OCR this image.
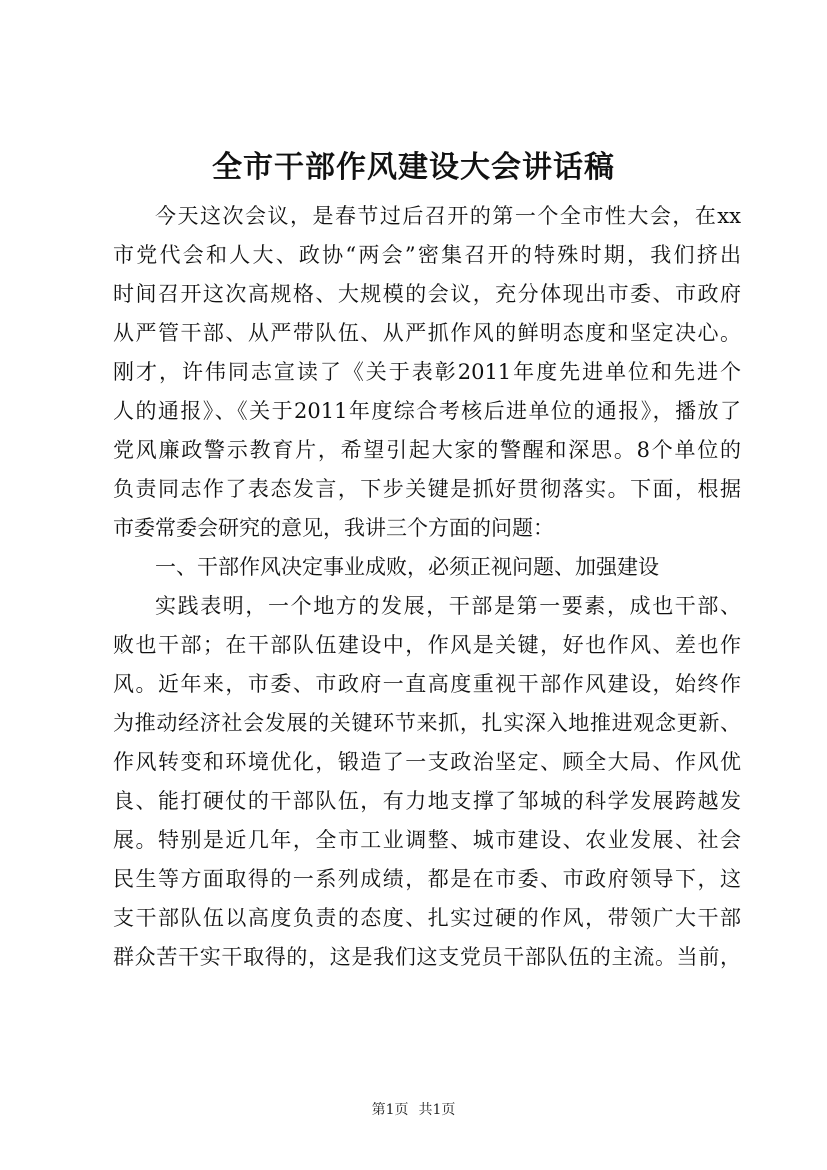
全市干部作风建设大会讲话稿
今天这次会议，是春节过后召开的第一个全市性大会，在xx
市党代会和人大、政协“两会”密集召开的特殊时期，我们挤出
时间召开这次高规格、大规模的会议，充分体现出市委、市政府
从严管干部、从严带队伍、从严抓作风的鲜明态度和坚定决心。
刚才，许伟同志宣读了《关于表彰2011年度先进单位和先进个
人的通报》、《关于2011年度综合考核后进单位的通报》，播放了
党风廉政警示教育片，希望引起大家的警醒和深思。8个单位的
负责同志作了表态发言，下步关键是抓好贯彻落实。下面，根据
市委常委会研究的意见，我讲三个方面的问题：
一、干部作风决定事业成败，必须正视问题、加强建设
实践表明，一个地方的发展，干部是第一要素，成也干部、
败也干部；在干部队伍建设中，作风是关键，好也作风、差也作
风。近年来，市委、市政府一直高度重视干部作风建设，始终作
为推动经济社会发展的关键环节来抓，扎实深入地推进观念更新、
作风转变和环境优化，锻造了一支政治坚定、顾全大局、作风优
良、能打硬仗的干部队伍，有力地支撑了邹城的科学发展跨越发
展。特别是近几年，全市工业调整、城市建设、农业发展、社会
民生等方面取得的一系列成绩，都是在市委、市政府领导下，这
支干部队伍以高度负责的态度、扎实过硬的作风，带领广大干部
群众苦干实干取得的，这是我们这支党员干部队伍的主流。当前，
第1页 共1页
